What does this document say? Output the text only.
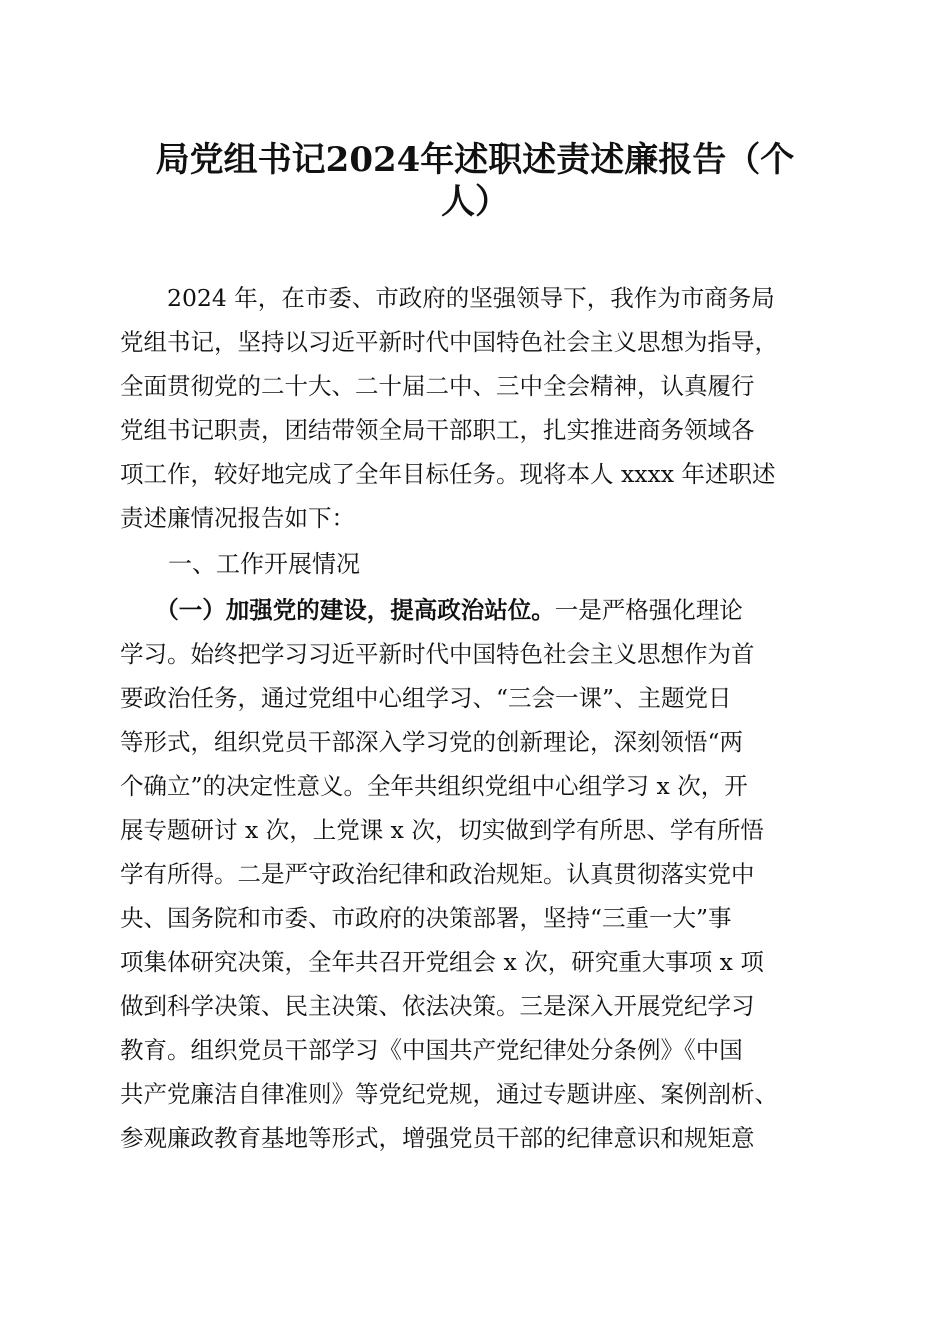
局党组书记2024年述职述责述廉报告（个
人）

　　2024 年，在市委、市政府的坚强领导下，我作为市商务局

党组书记，坚持以习近平新时代中国特色社会主义思想为指导，

全面贯彻党的二十大、二十届二中、三中全会精神，认真履行

党组书记职责，团结带领全局干部职工，扎实推进商务领域各

项工作，较好地完成了全年目标任务。现将本人 xxxx 年述职述

责述廉情况报告如下：

　　一、工作开展情况

　　（一）加强党的建设，提高政治站位。一是严格强化理论

学习。始终把学习习近平新时代中国特色社会主义思想作为首

要政治任务，通过党组中心组学习、“三会一课”、主题党日

等形式，组织党员干部深入学习党的创新理论，深刻领悟“两

个确立”的决定性意义。全年共组织党组中心组学习 x 次，开

展专题研讨 x 次，上党课 x 次，切实做到学有所思、学有所悟

学有所得。二是严守政治纪律和政治规矩。认真贯彻落实党中

央、国务院和市委、市政府的决策部署，坚持“三重一大”事

项集体研究决策，全年共召开党组会 x 次，研究重大事项 x 项

做到科学决策、民主决策、依法决策。三是深入开展党纪学习

教育。组织党员干部学习《中国共产党纪律处分条例》《中国

共产党廉洁自律准则》等党纪党规，通过专题讲座、案例剖析、

参观廉政教育基地等形式，增强党员干部的纪律意识和规矩意
